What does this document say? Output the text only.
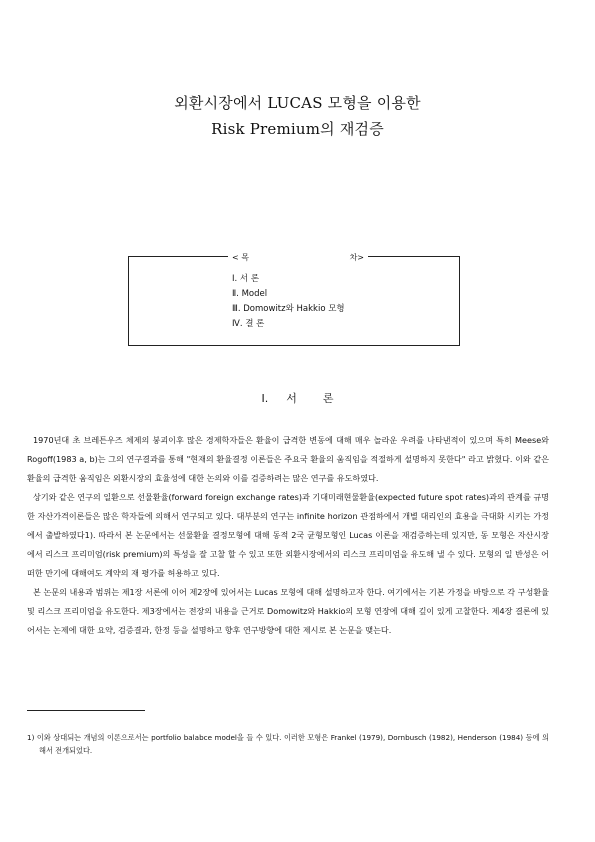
외환시장에서 LUCAS 모형을 이용한
Risk Premium의 재검증
< 목	차>
Ⅰ. 서 론
Ⅱ. Model
Ⅲ. Domowitz와 Hakkio 모형
Ⅳ. 결 론
Ⅰ. 서 론

1970년대 초 브레튼우즈 체제의 붕괴이후 많은 경제학자들은 환율이 급격한 변동에 대해 매우 놀라운 우려를 나타낸적이 있으며 특히 Meese와 Rogoff(1983 a, b)는 그의 연구결과를 통해 "현재의 환율결정 이론들은 주요국 환율의 움직임을 적절하게 설명하지 못한다" 라고 밝혔다. 이와 같은 환율의 급격한 움직임은 외환시장의 효율성에 대한 논의와 이를 검증하려는 많은 연구를 유도하였다.

상기와 같은 연구의 일환으로 선물환율(forward foreign exchange rates)과 기대미래현물환율(expected future spot rates)과의 관계를 규명한 자산가격이론들은 많은 학자들에 의해서 연구되고 있다. 대부분의 연구는 infinite horizon 관점하에서 개별 대리인의 효용을 극대화 시키는 가정에서 출발하였다1). 따라서 본 논문에서는 선물환율 결정모형에 대해 동적 2국 균형모형인 Lucas 이론을 재검증하는데 있지만, 동 모형은 자산시장에서 리스크 프리미엄(risk premium)의 특성을 잘 고찰 할 수 있고 또한 외환시장에서의 리스크 프리미엄을 유도해 낼 수 있다. 모형의 일 반성은 어떠한 만기에 대해여도 계약의 재 평가를 허용하고 있다.

본 논문의 내용과 범위는 제1장 서론에 이어 제2장에 있어서는 Lucas 모형에 대해 설명하고자 한다. 여기에서는 기본 가정을 바탕으로 각 구성환율 및 리스크 프리미엄을 유도한다. 제3장에서는 전장의 내용을 근거로 Domowitz와 Hakkio의 모형 연장에 대해 깊이 있게 고찰한다. 제4장 결론에 있어서는 논제에 대한 요약, 검증결과, 한정 등을 설명하고 향후 연구방향에 대한 제시로 본 논문을 맺는다.

1) 이와 상대되는 개념의 이론으로서는 portfolio balabce model을 들 수 있다. 이러한 모형은 Frankel (1979), Dornbusch (1982), Henderson (1984) 등에 의해서 전개되었다.
